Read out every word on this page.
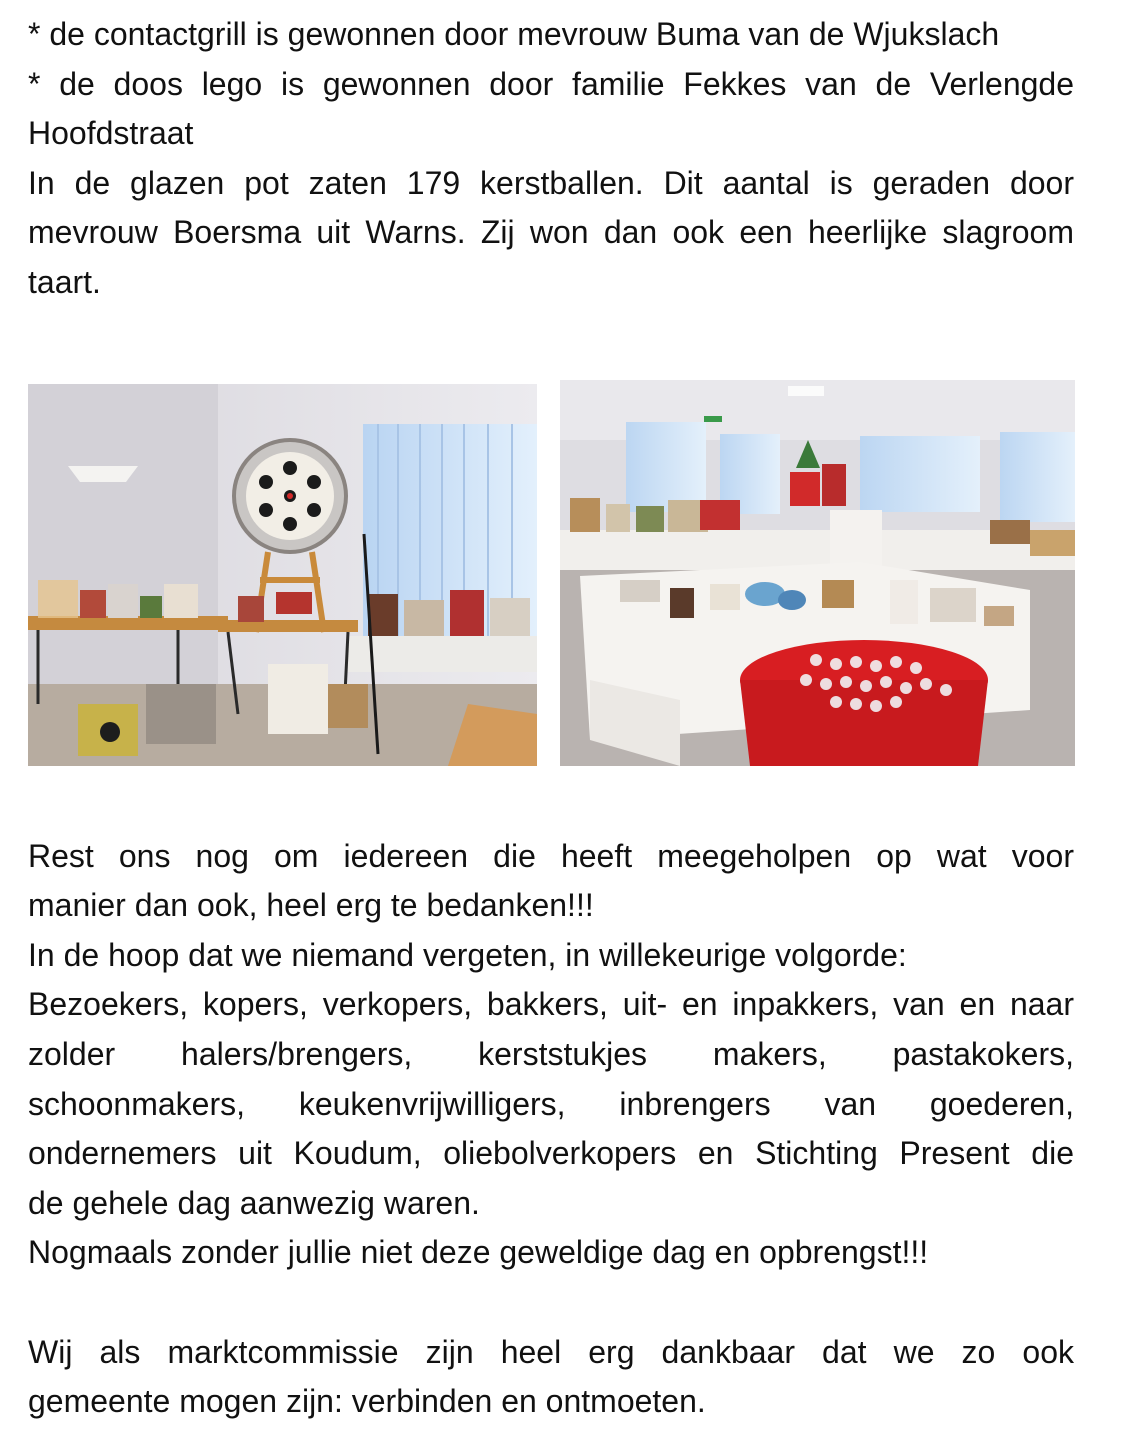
* de contactgrill is gewonnen door mevrouw Buma van de Wjukslach
* de doos lego is gewonnen door familie Fekkes van de Verlengde
Hoofdstraat
In de glazen pot zaten 179 kerstballen. Dit aantal is geraden door
mevrouw Boersma uit Warns. Zij won dan ook een heerlijke slagroom
taart.
Rest ons nog om iedereen die heeft meegeholpen op wat voor
manier dan ook, heel erg te bedanken!!!
In de hoop dat we niemand vergeten, in willekeurige volgorde:
Bezoekers, kopers, verkopers, bakkers, uit- en inpakkers, van en naar
zolder halers/brengers, kerststukjes makers, pastakokers,
schoonmakers, keukenvrijwilligers, inbrengers van goederen,
ondernemers uit Koudum, oliebolverkopers en Stichting Present die
de gehele dag aanwezig waren.
Nogmaals zonder jullie niet deze geweldige dag en opbrengst!!!
Wij als marktcommissie zijn heel erg dankbaar dat we zo ook
gemeente mogen zijn: verbinden en ontmoeten.
